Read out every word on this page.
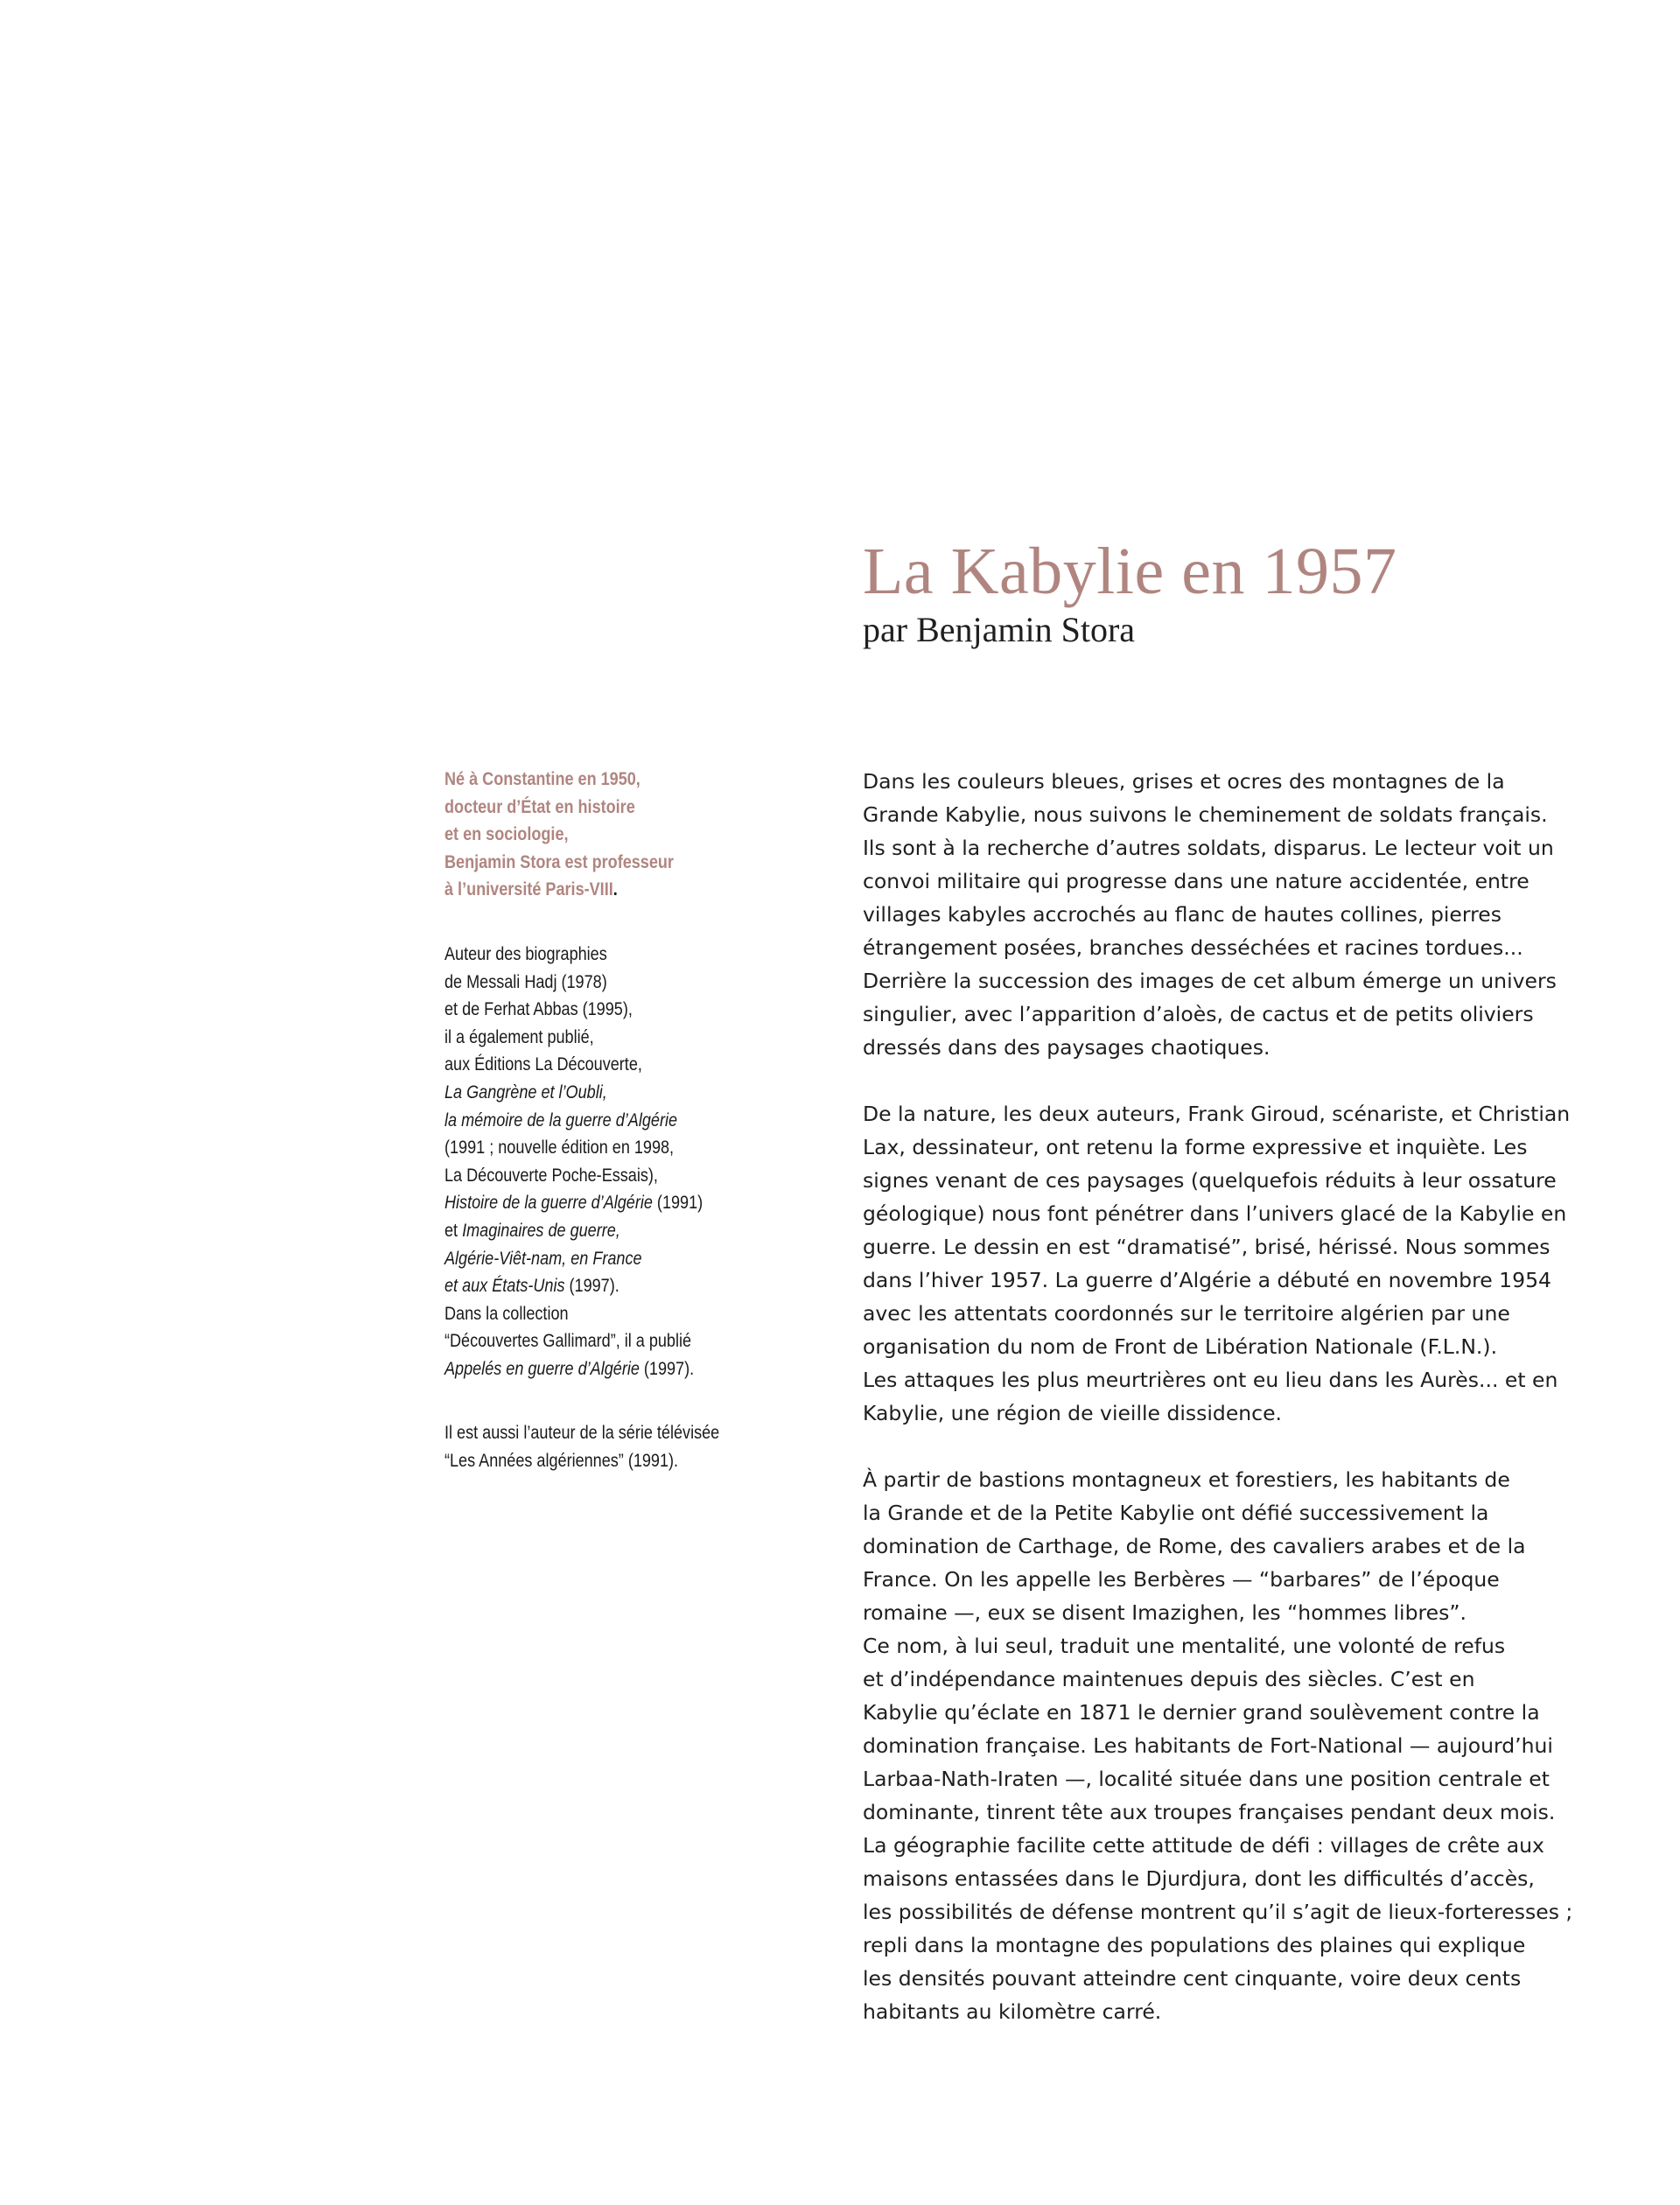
La Kabylie en 1957
par Benjamin Stora
Né à Constantine en 1950,
docteur d’État en histoire
et en sociologie,
Benjamin Stora est professeur
à l’université Paris-VIII.
Auteur des biographies
de Messali Hadj (1978)
et de Ferhat Abbas (1995),
il a également publié,
aux Éditions La Découverte,
La Gangrène et l’Oubli,
la mémoire de la guerre d’Algérie
(1991 ; nouvelle édition en 1998,
La Découverte Poche-Essais),
Histoire de la guerre d’Algérie (1991)
et Imaginaires de guerre,
Algérie-Viêt-nam, en France
et aux États-Unis (1997).
Dans la collection
“Découvertes Gallimard”, il a publié
Appelés en guerre d’Algérie (1997).
Il est aussi l’auteur de la série télévisée
“Les Années algériennes” (1991).

Dans les couleurs bleues, grises et ocres des montagnes de la
Grande Kabylie, nous suivons le cheminement de soldats français.
Ils sont à la recherche d’autres soldats, disparus. Le lecteur voit un
convoi militaire qui progresse dans une nature accidentée, entre
villages kabyles accrochés au flanc de hautes collines, pierres
étrangement posées, branches desséchées et racines tordues...
Derrière la succession des images de cet album émerge un univers
singulier, avec l’apparition d’aloès, de cactus et de petits oliviers
dressés dans des paysages chaotiques.

De la nature, les deux auteurs, Frank Giroud, scénariste, et Christian
Lax, dessinateur, ont retenu la forme expressive et inquiète. Les
signes venant de ces paysages (quelquefois réduits à leur ossature
géologique) nous font pénétrer dans l’univers glacé de la Kabylie en
guerre. Le dessin en est “dramatisé”, brisé, hérissé. Nous sommes
dans l’hiver 1957. La guerre d’Algérie a débuté en novembre 1954
avec les attentats coordonnés sur le territoire algérien par une
organisation du nom de Front de Libération Nationale (F.L.N.).
Les attaques les plus meurtrières ont eu lieu dans les Aurès... et en
Kabylie, une région de vieille dissidence.

À partir de bastions montagneux et forestiers, les habitants de
la Grande et de la Petite Kabylie ont défié successivement la
domination de Carthage, de Rome, des cavaliers arabes et de la
France. On les appelle les Berbères — “barbares” de l’époque
romaine —, eux se disent Imazighen, les “hommes libres”.
Ce nom, à lui seul, traduit une mentalité, une volonté de refus
et d’indépendance maintenues depuis des siècles. C’est en
Kabylie qu’éclate en 1871 le dernier grand soulèvement contre la
domination française. Les habitants de Fort-National — aujourd’hui
Larbaa-Nath-Iraten —, localité située dans une position centrale et
dominante, tinrent tête aux troupes françaises pendant deux mois.
La géographie facilite cette attitude de défi : villages de crête aux
maisons entassées dans le Djurdjura, dont les difficultés d’accès,
les possibilités de défense montrent qu’il s’agit de lieux-forteresses ;
repli dans la montagne des populations des plaines qui explique
les densités pouvant atteindre cent cinquante, voire deux cents
habitants au kilomètre carré.
